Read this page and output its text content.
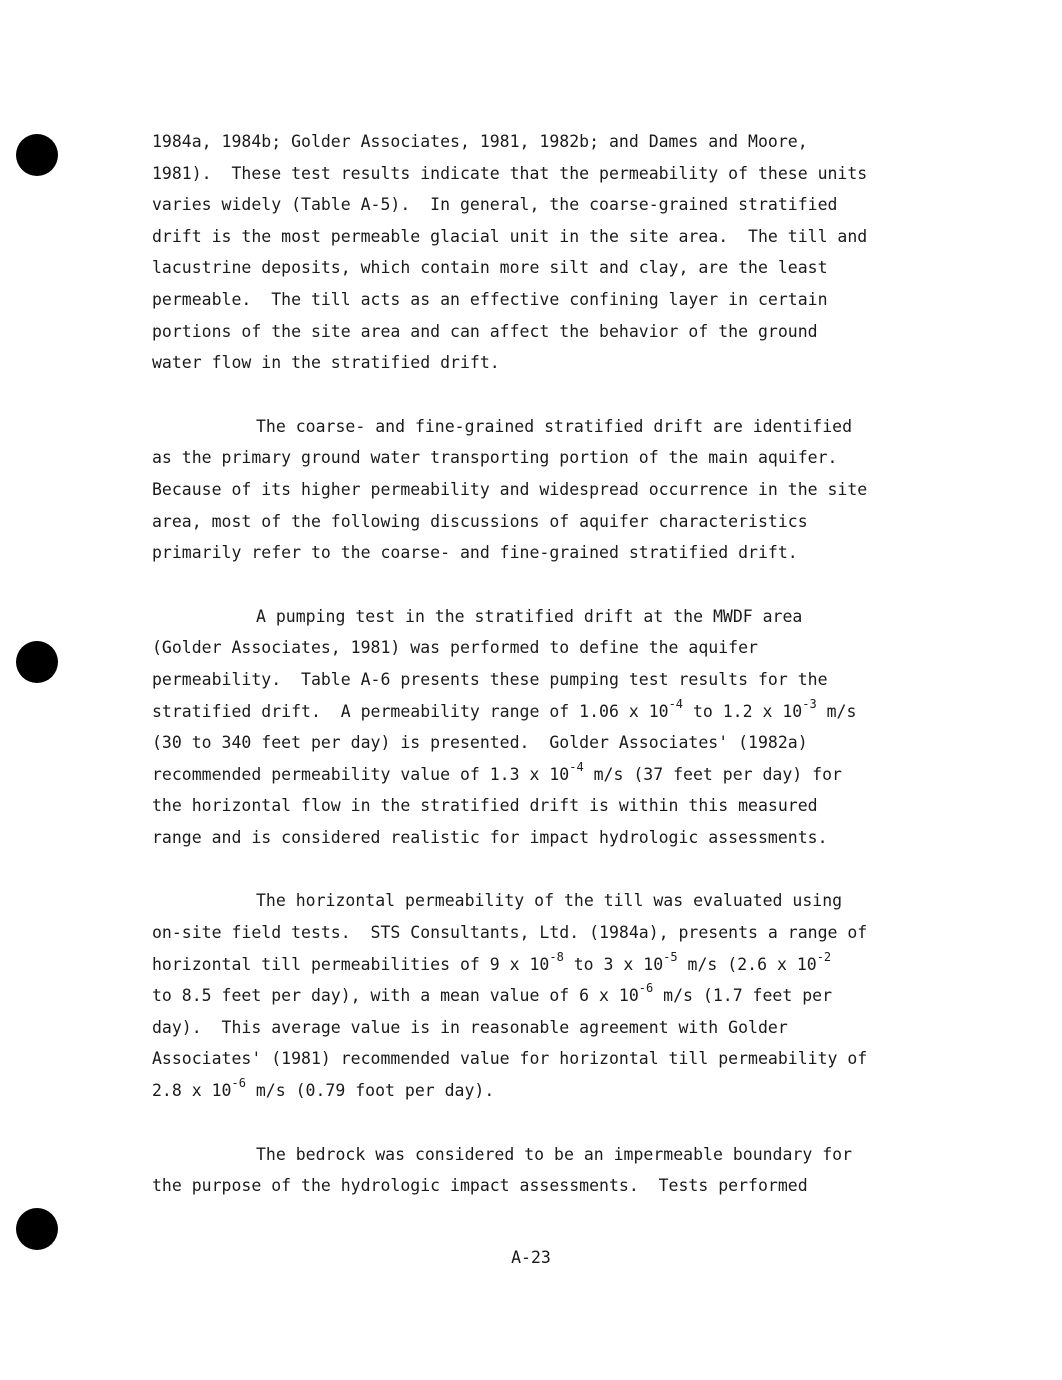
1984a, 1984b; Golder Associates, 1981, 1982b; and Dames and Moore,
1981).  These test results indicate that the permeability of these units
varies widely (Table A-5).  In general, the coarse-grained stratified
drift is the most permeable glacial unit in the site area.  The till and
lacustrine deposits, which contain more silt and clay, are the least
permeable.  The till acts as an effective confining layer in certain
portions of the site area and can affect the behavior of the ground
water flow in the stratified drift.
The coarse- and fine-grained stratified drift are identified
as the primary ground water transporting portion of the main aquifer.
Because of its higher permeability and widespread occurrence in the site
area, most of the following discussions of aquifer characteristics
primarily refer to the coarse- and fine-grained stratified drift.
A pumping test in the stratified drift at the MWDF area
(Golder Associates, 1981) was performed to define the aquifer
permeability.  Table A-6 presents these pumping test results for the
stratified drift.  A permeability range of 1.06 x $10^{-4}$ to 1.2 x $10^{-3}$ m/s
(30 to 340 feet per day) is presented.  Golder Associates' (1982a)
recommended permeability value of 1.3 x $10^{-4}$ m/s (37 feet per day) for
the horizontal flow in the stratified drift is within this measured
range and is considered realistic for impact hydrologic assessments.
The horizontal permeability of the till was evaluated using
on-site field tests.  STS Consultants, Ltd. (1984a), presents a range of
horizontal till permeabilities of 9 x $10^{-8}$ to 3 x $10^{-5}$ m/s (2.6 x $10^{-2}$
to 8.5 feet per day), with a mean value of 6 x $10^{-6}$ m/s (1.7 feet per
day).  This average value is in reasonable agreement with Golder
Associates' (1981) recommended value for horizontal till permeability of
2.8 x $10^{-6}$ m/s (0.79 foot per day).
The bedrock was considered to be an impermeable boundary for
the purpose of the hydrologic impact assessments.  Tests performed
A-23
